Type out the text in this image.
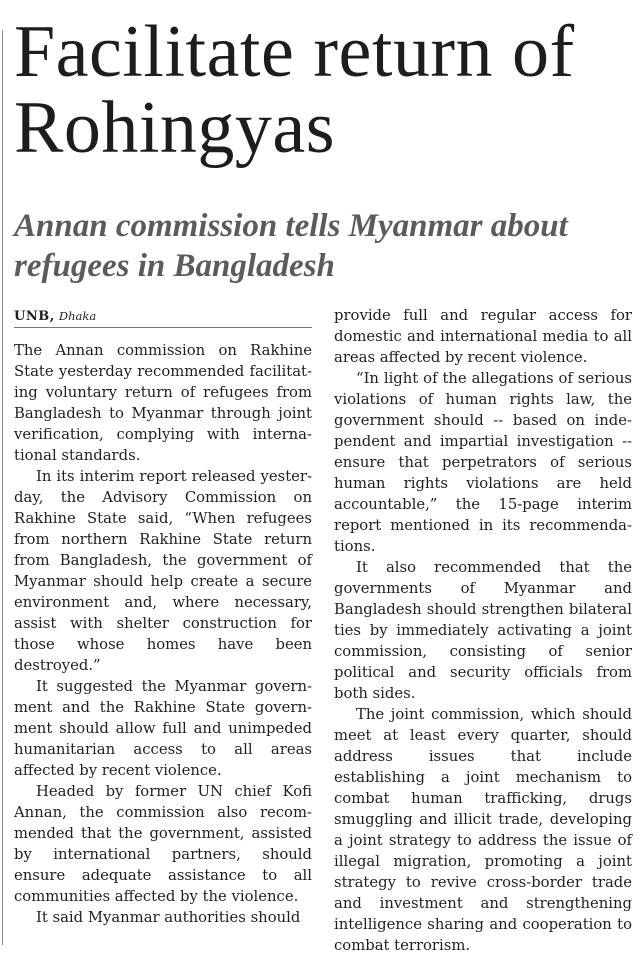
Facilitate return of Rohingyas
Annan commission tells Myanmar about refugees in Bangladesh
UNB, Dhaka

The Annan commission on Rakhine State yesterday recommended facilitating voluntary return of refugees from Bangladesh to Myanmar through joint verification, complying with international standards.

In its interim report released yesterday, the Advisory Commission on Rakhine State said, “When refugees from northern Rakhine State return from Bangladesh, the government of Myanmar should help create a secure environment and, where necessary, assist with shelter construction for those whose homes have been destroyed.”

It suggested the Myanmar government and the Rakhine State government should allow full and unimpeded humanitarian access to all areas affected by recent violence.

Headed by former UN chief Kofi Annan, the commission also recommended that the government, assisted by international partners, should ensure adequate assistance to all communities affected by the violence.

It said Myanmar authorities should

provide full and regular access for domestic and international media to all areas affected by recent violence.

“In light of the allegations of serious violations of human rights law, the government should -- based on independent and impartial investigation -- ensure that perpetrators of serious human rights violations are held accountable,” the 15-page interim report mentioned in its recommendations.

It also recommended that the governments of Myanmar and Bangladesh should strengthen bilateral ties by immediately activating a joint commission, consisting of senior political and security officials from both sides.

The joint commission, which should meet at least every quarter, should address issues that include establishing a joint mechanism to combat human trafficking, drugs smuggling and illicit trade, developing a joint strategy to address the issue of illegal migration, promoting a joint strategy to revive cross-border trade and investment and strengthening intelligence sharing and cooperation to combat terrorism.
